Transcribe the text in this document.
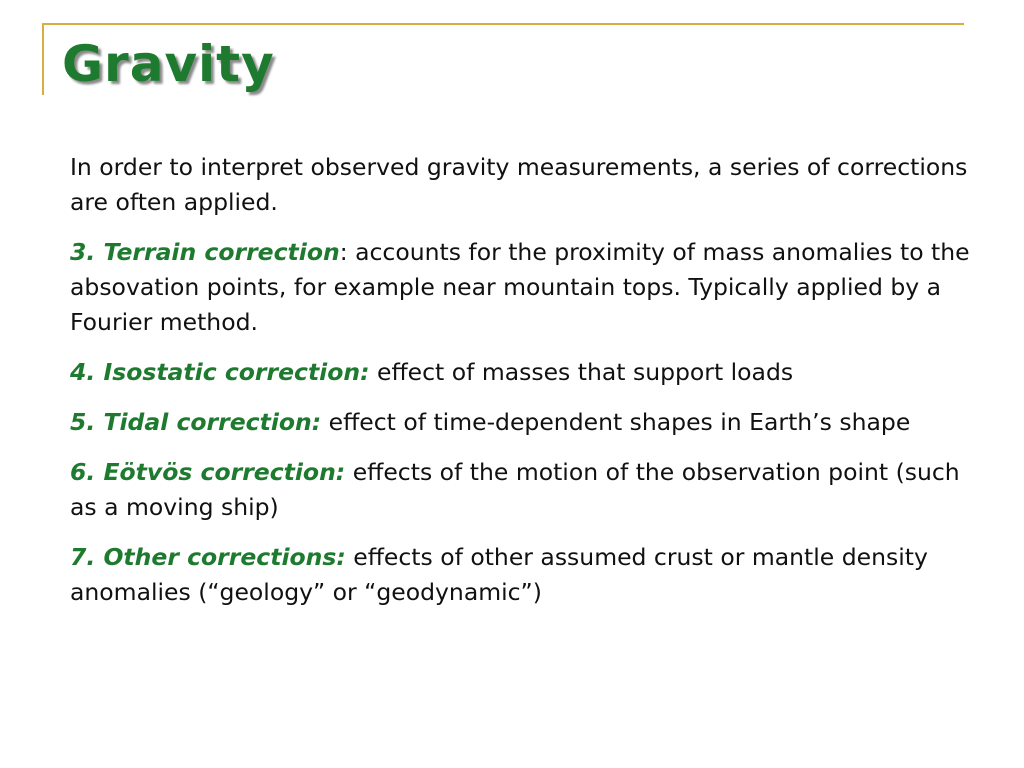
Gravity

In order to interpret observed gravity measurements, a series of corrections are often applied.

3. Terrain correction: accounts for the proximity of mass anomalies to the absovation points, for example near mountain tops. Typically applied by a Fourier method.

4. Isostatic correction: effect of masses that support loads

5. Tidal correction: effect of time-dependent shapes in Earth’s shape

6. Eötvös correction: effects of the motion of the observation point (such as a moving ship)

7. Other corrections: effects of other assumed crust or mantle density anomalies (“geology” or “geodynamic”)
